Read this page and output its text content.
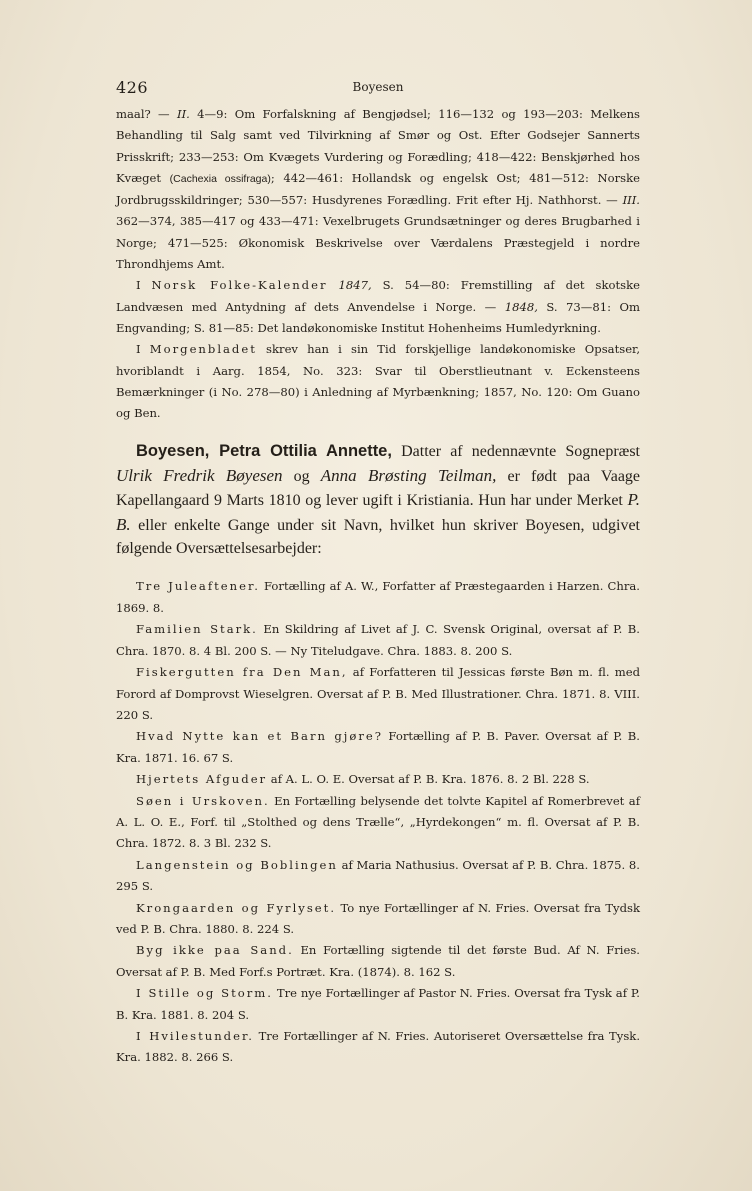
426	Boyesen

maal? — II. 4—9: Om Forfalskning af Bengjødsel; 116—132 og 193—203: Melkens Behandling til Salg samt ved Tilvirkning af Smør og Ost. Efter Godsejer Sannerts Prisskrift; 233—253: Om Kvægets Vurdering og Forædling; 418—422: Benskjørhed hos Kvæget (Cachexia ossifraga); 442—461: Hollandsk og engelsk Ost; 481—512: Norske Jordbrugsskildringer; 530—557: Husdyrenes Forædling. Frit efter Hj. Nathhorst. — III. 362—374, 385—417 og 433—471: Vexelbrugets Grundsætninger og deres Brugbarhed i Norge; 471—525: Økonomisk Beskrivelse over Værdalens Præstegjeld i nordre Throndhjems Amt.

I Norsk Folke-Kalender 1847, S. 54—80: Fremstilling af det skotske Landvæsen med Antydning af dets Anvendelse i Norge. — 1848, S. 73—81: Om Engvanding; S. 81—85: Det landøkonomiske Institut Hohenheims Humledyrkning.

I Morgenbladet skrev han i sin Tid forskjellige landøkonomiske Opsatser, hvoriblandt i Aarg. 1854, No. 323: Svar til Oberstlieutnant v. Eckensteens Bemærkninger (i No. 278—80) i Anledning af Myrbænkning; 1857, No. 120: Om Guano og Ben.

Boyesen, Petra Ottilia Annette, Datter af nedennævnte Sognepræst Ulrik Fredrik Bøyesen og Anna Brøsting Teilman, er født paa Vaage Kapellangaard 9 Marts 1810 og lever ugift i Kristiania. Hun har under Merket P. B. eller enkelte Gange under sit Navn, hvilket hun skriver Boyesen, udgivet følgende Oversættelsesarbejder:

Tre Juleaftener. Fortælling af A. W., Forfatter af Præstegaarden i Harzen. Chra. 1869. 8.

Familien Stark. En Skildring af Livet af J. C. Svensk Original, oversat af P. B. Chra. 1870. 8. 4 Bl. 200 S. — Ny Titeludgave. Chra. 1883. 8. 200 S.

Fiskergutten fra Den Man, af Forfatteren til Jessicas første Bøn m. fl. med Forord af Domprovst Wieselgren. Oversat af P. B. Med Illustrationer. Chra. 1871. 8. VIII. 220 S.

Hvad Nytte kan et Barn gjøre? Fortælling af P. B. Paver. Oversat af P. B. Kra. 1871. 16. 67 S.

Hjertets Afguder af A. L. O. E. Oversat af P. B. Kra. 1876. 8. 2 Bl. 228 S.

Søen i Urskoven. En Fortælling belysende det tolvte Kapitel af Romerbrevet af A. L. O. E., Forf. til „Stolthed og dens Trælle“, „Hyrdekongen“ m. fl. Oversat af P. B. Chra. 1872. 8. 3 Bl. 232 S.

Langenstein og Boblingen af Maria Nathusius. Oversat af P. B. Chra. 1875. 8. 295 S.

Krongaarden og Fyrlyset. To nye Fortællinger af N. Fries. Oversat fra Tydsk ved P. B. Chra. 1880. 8. 224 S.

Byg ikke paa Sand. En Fortælling sigtende til det første Bud. Af N. Fries. Oversat af P. B. Med Forf.s Portræt. Kra. (1874). 8. 162 S.

I Stille og Storm. Tre nye Fortællinger af Pastor N. Fries. Oversat fra Tysk af P. B. Kra. 1881. 8. 204 S.

I Hvilestunder. Tre Fortællinger af N. Fries. Autoriseret Oversættelse fra Tysk. Kra. 1882. 8. 266 S.
